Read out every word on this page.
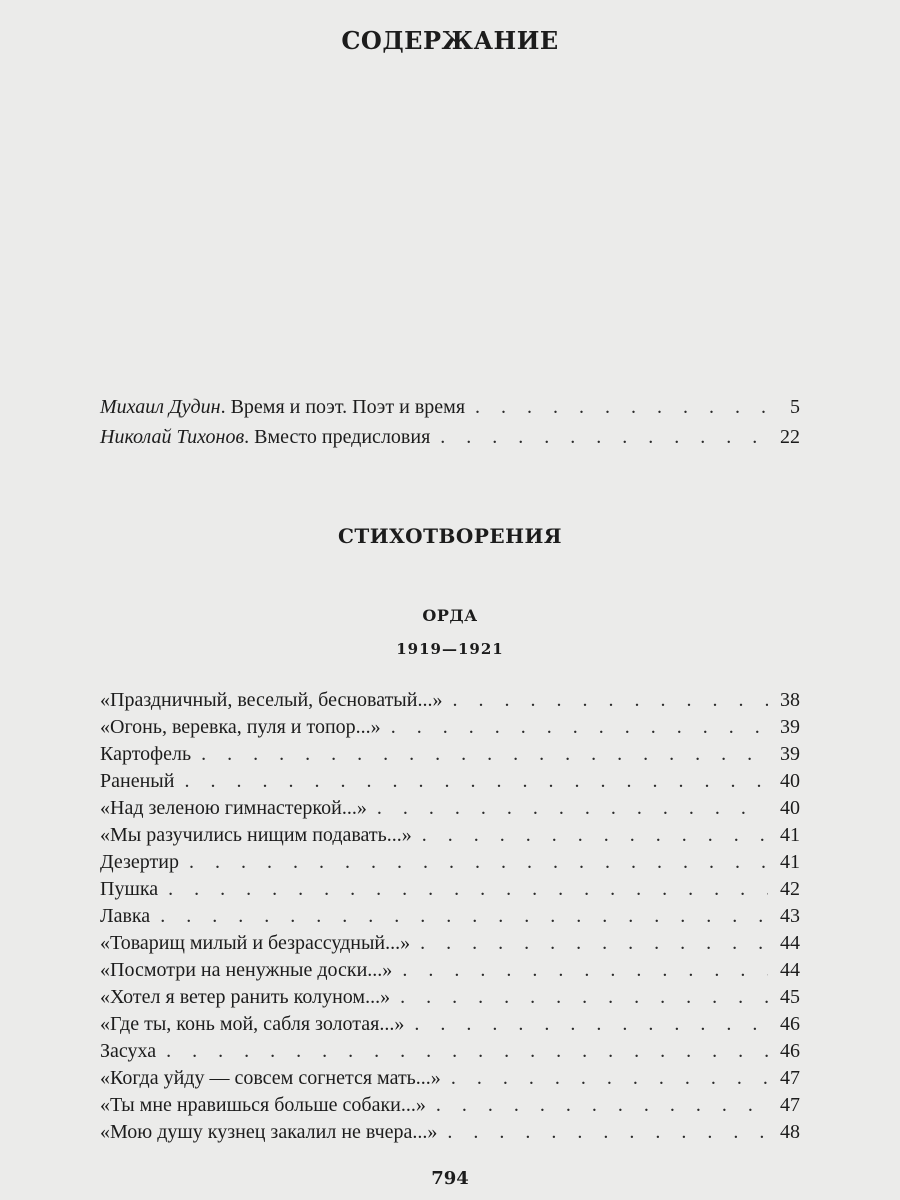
СОДЕРЖАНИЕ
Михаил Дудин . Время и поэт. Поэт и время . . .	5
Николай Тихонов . Вместо предисловия . . .	22
СТИХОТВОРЕНИЯ
ОРДА
1919—1921
«Праздничный, веселый, бесноватый...» . . .	38
«Огонь, веревка, пуля и топор...» . . .	39
Картофель . . .	39
Раненый . . .	40
«Над зеленою гимнастеркой...» . . .	40
«Мы разучились нищим подавать...» . . .	41
Дезертир . . .	41
Пушка . . .	42
Лавка . . .	43
«Товарищ милый и безрассудный...» . . .	44
«Посмотри на ненужные доски...» . . .	44
«Хотел я ветер ранить колуном...» . . .	45
«Где ты, конь мой, сабля золотая...» . . .	46
Засуха . . .	46
«Когда уйду — совсем согнется мать...» . . .	47
«Ты мне нравишься больше собаки...» . . .	47
«Мою душу кузнец закалил не вчера...» . . .	48
794
